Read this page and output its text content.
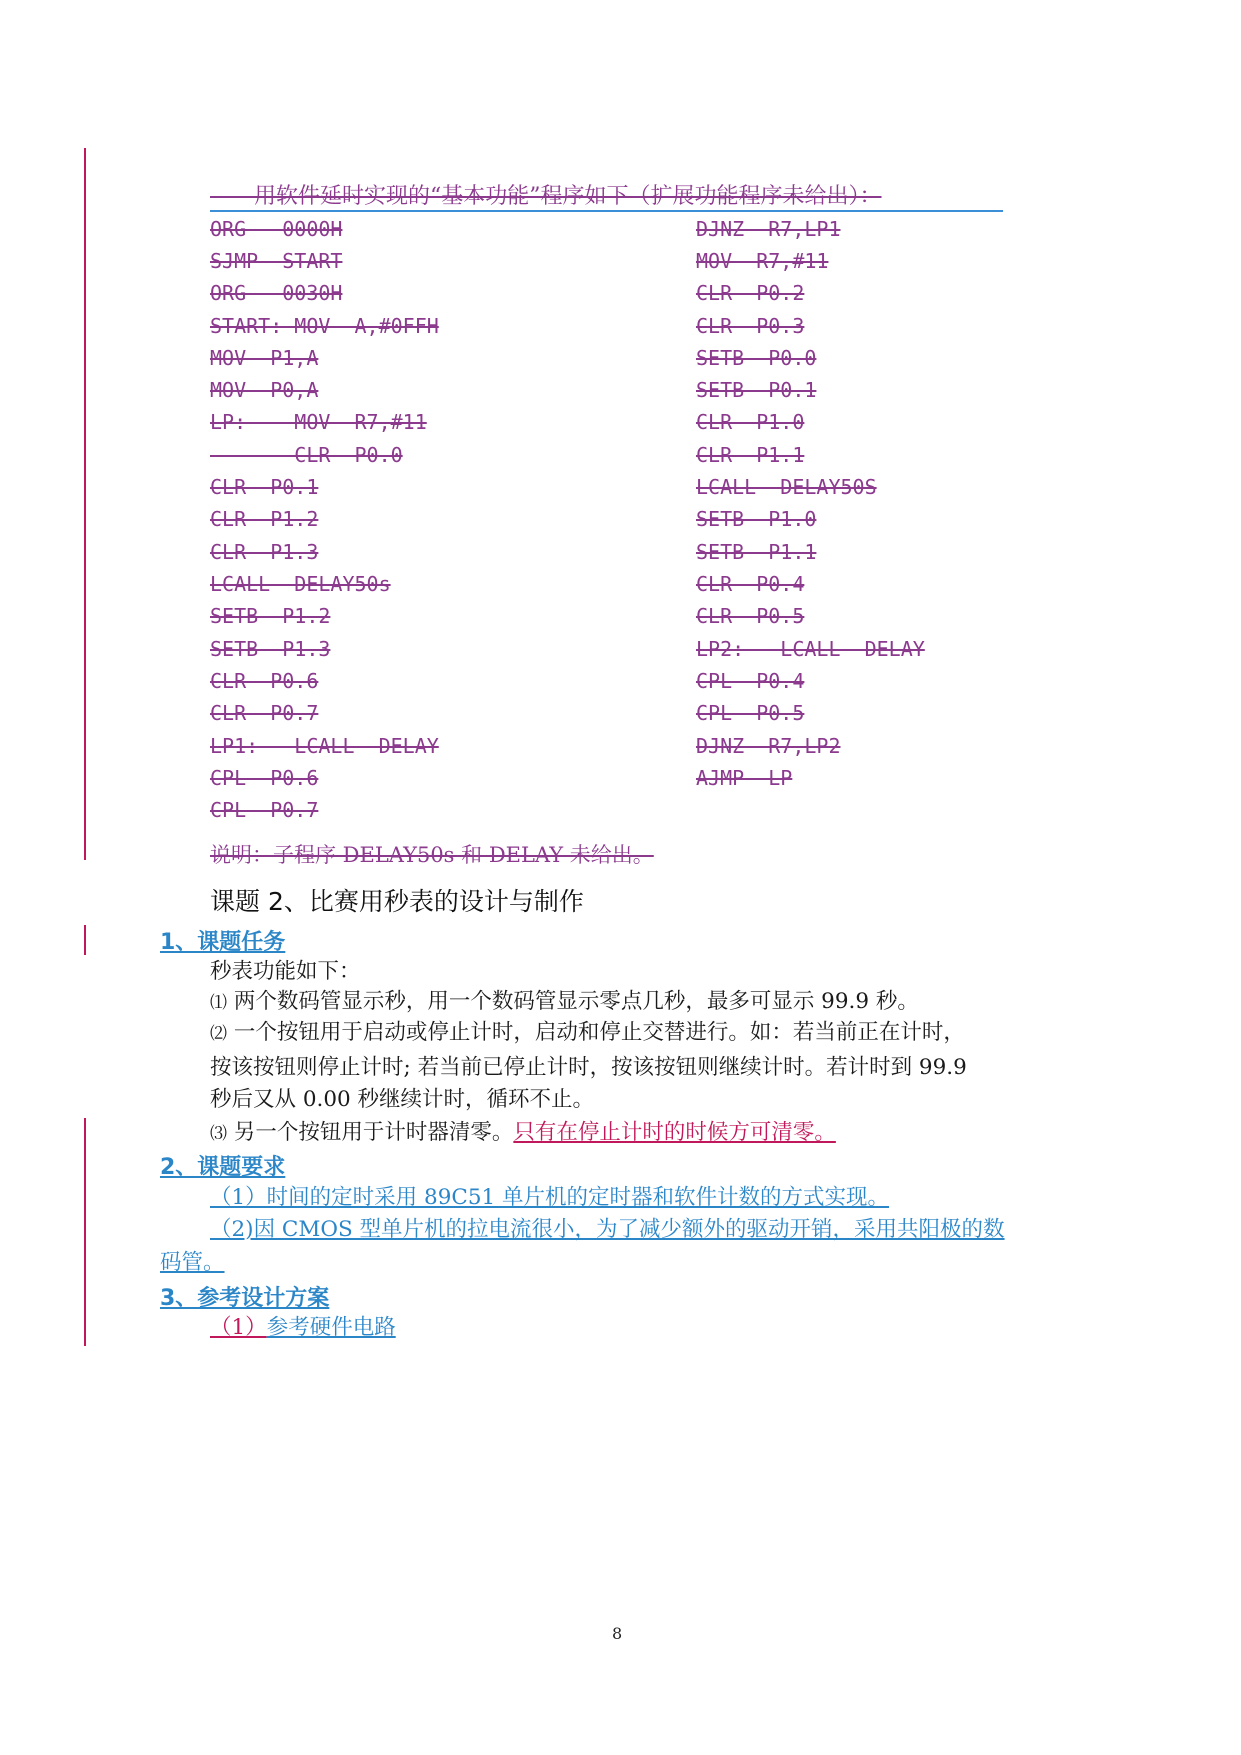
——用软件延时实现的“基本功能”程序如下（扩展功能程序未给出）：
ORG   0000H
SJMP  START
ORG   0030H
START: MOV  A,#0FFH
MOV  P1,A
MOV  P0,A
LP:    MOV  R7,#11
———————CLR  P0.0
CLR  P0.1
CLR  P1.2
CLR  P1.3
LCALL  DELAY50s
SETB  P1.2
SETB  P1.3
CLR  P0.6
CLR  P0.7
LP1:   LCALL  DELAY
CPL  P0.6
CPL  P0.7
DJNZ  R7,LP1
MOV  R7,#11
CLR  P0.2
CLR  P0.3
SETB  P0.0
SETB  P0.1
CLR  P1.0
CLR  P1.1
LCALL  DELAY50S
SETB  P1.0
SETB  P1.1
CLR  P0.4
CLR  P0.5
LP2:   LCALL  DELAY
CPL  P0.4
CPL  P0.5
DJNZ  R7,LP2
AJMP  LP
说明：子程序 DELAY50s 和 DELAY 未给出。
课题 2、比赛用秒表的设计与制作
1、课题任务
秒表功能如下：
⑴ 两个数码管显示秒，用一个数码管显示零点几秒，最多可显示 99.9 秒。
⑵ 一个按钮用于启动或停止计时，启动和停止交替进行。如：若当前正在计时，
按该按钮则停止计时; 若当前已停止计时，按该按钮则继续计时。若计时到 99.9
秒后又从 0.00 秒继续计时，循环不止。
⑶ 另一个按钮用于计时器清零。只有在停止计时的时候方可清零。
2、课题要求
（1）时间的定时采用 89C51 单片机的定时器和软件计数的方式实现。
（2)因 CMOS 型单片机的拉电流很小，为了减少额外的驱动开销，采用共阳极的数
码管。
3、参考设计方案
（1）参考硬件电路
8
